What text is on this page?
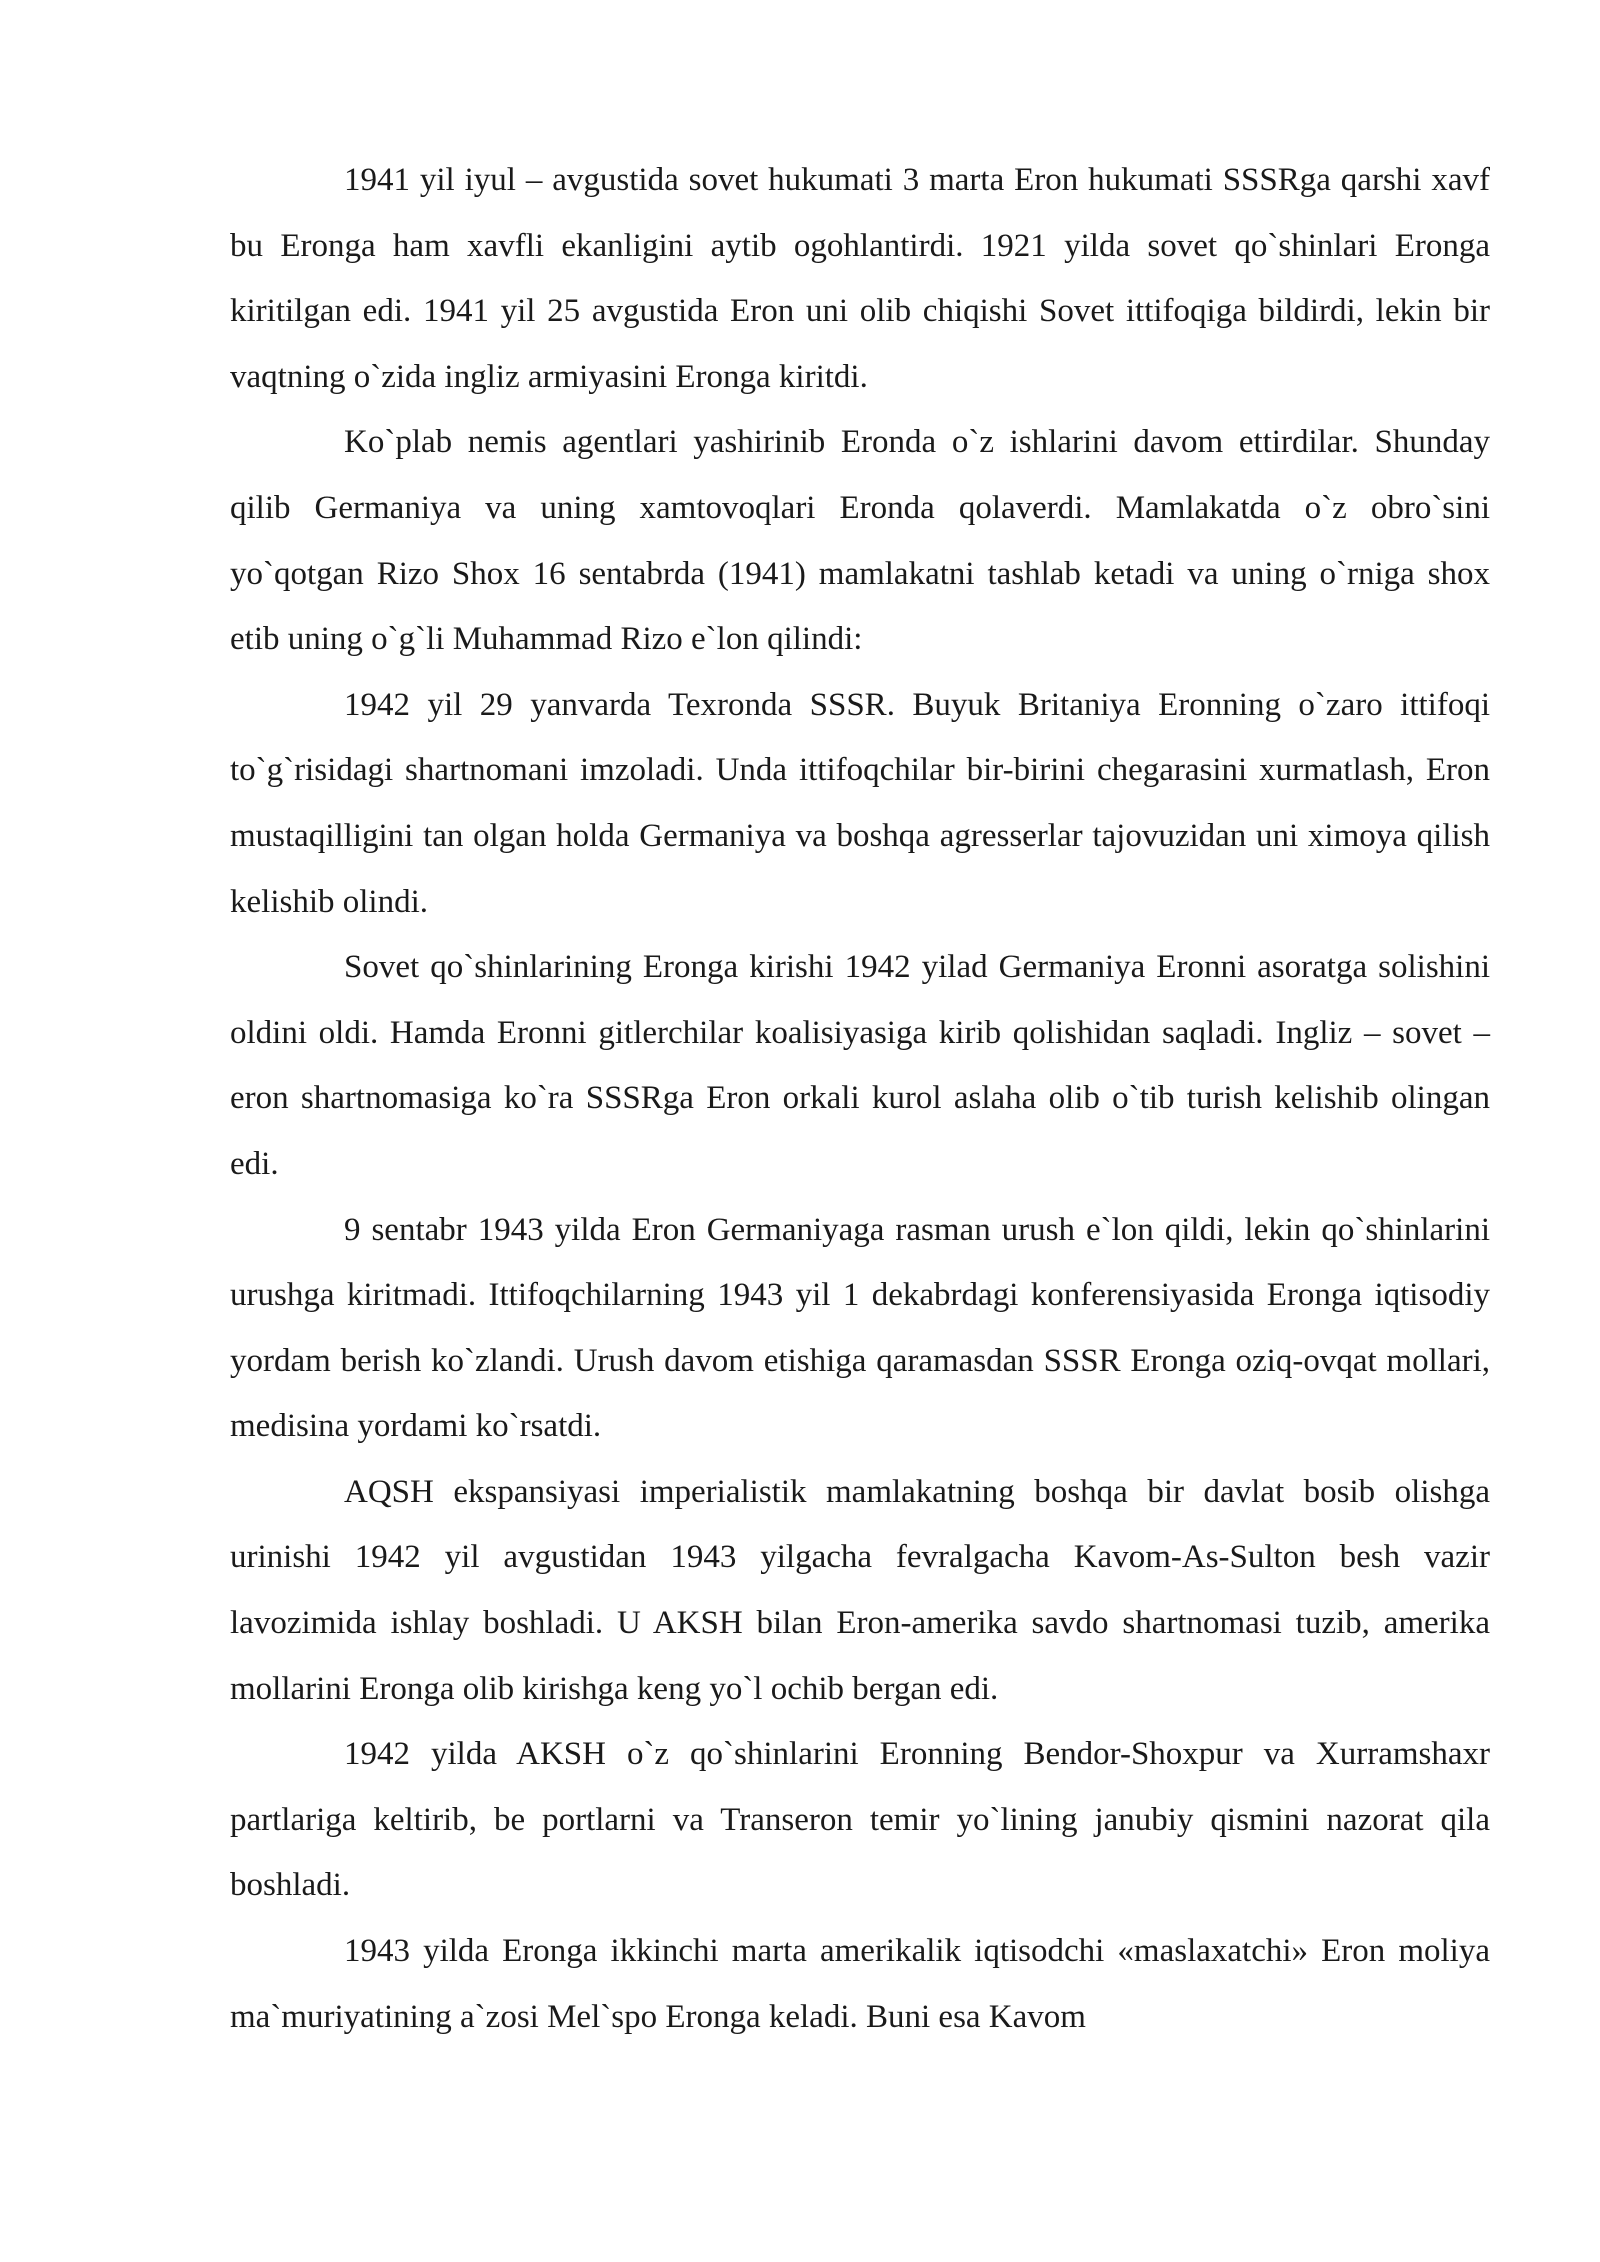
1941 yil iyul – avgustida sovet hukumati 3 marta Eron hukumati SSSRga qarshi xavf bu Eronga ham xavfli ekanligini aytib ogohlantirdi. 1921 yilda sovet qo`shinlari Eronga kiritilgan edi. 1941 yil 25 avgustida Eron uni olib chiqishi Sovet ittifoqiga bildirdi, lekin bir vaqtning o`zida ingliz armiyasini Eronga kiritdi.

Ko`plab nemis agentlari yashirinib Eronda o`z ishlarini davom ettirdilar. Shunday qilib Germaniya va uning xamtovoqlari Eronda qolaverdi. Mamlakatda o`z obro`sini yo`qotgan Rizo Shox 16 sentabrda (1941) mamlakatni tashlab ketadi va uning o`rniga shox etib uning o`g`li Muhammad Rizo e`lon qilindi:

1942 yil 29 yanvarda Texronda SSSR. Buyuk Britaniya Eronning o`zaro ittifoqi to`g`risidagi shartnomani imzoladi. Unda ittifoqchilar bir-birini chegarasini xurmatlash, Eron mustaqilligini tan olgan holda Germaniya va boshqa agresserlar tajovuzidan uni ximoya qilish kelishib olindi.

Sovet qo`shinlarining Eronga kirishi 1942 yilad Germaniya Eronni asoratga solishini oldini oldi. Hamda Eronni gitlerchilar koalisiyasiga kirib qolishidan saqladi. Ingliz – sovet –eron shartnomasiga ko`ra SSSRga Eron orkali kurol aslaha olib o`tib turish kelishib olingan edi.

9 sentabr 1943 yilda Eron Germaniyaga rasman urush e`lon qildi, lekin qo`shinlarini urushga kiritmadi. Ittifoqchilarning 1943 yil 1 dekabrdagi konferensiyasida Eronga iqtisodiy yordam berish ko`zlandi. Urush davom etishiga qaramasdan SSSR Eronga oziq-ovqat mollari, medisina yordami ko`rsatdi.

AQSH ekspansiyasi imperialistik mamlakatning boshqa bir davlat bosib olishga urinishi 1942 yil avgustidan 1943 yilgacha fevralgacha Kavom-As-Sulton besh vazir lavozimida ishlay boshladi. U AKSH bilan Eron-amerika savdo shartnomasi tuzib, amerika mollarini Eronga olib kirishga keng yo`l ochib bergan edi.

1942 yilda AKSH o`z qo`shinlarini Eronning Bendor-Shoxpur va Xurramshaxr partlariga keltirib, be portlarni va Transeron temir yo`lining janubiy qismini nazorat qila boshladi.

1943 yilda Eronga ikkinchi marta amerikalik iqtisodchi «maslaxatchi» Eron moliya ma`muriyatining a`zosi Mel`spo Eronga keladi. Buni esa Kavom
